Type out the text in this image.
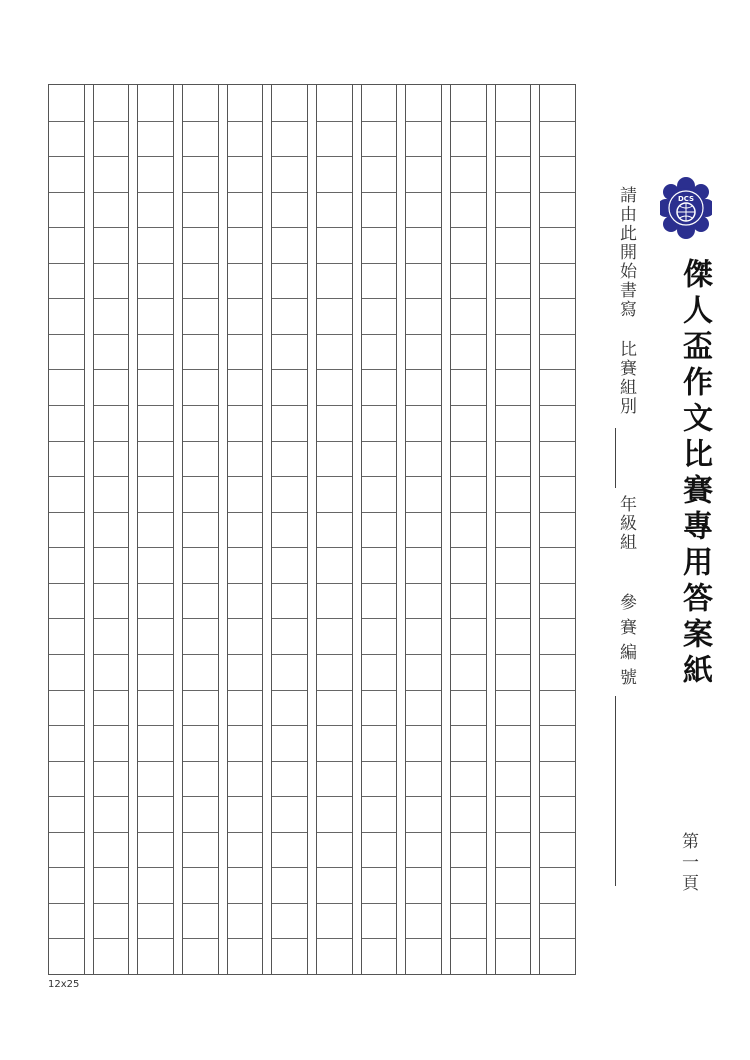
12x25
DCS
傑人盃作文比賽專用答案紙
請由此開始書寫
比賽組別
年級組
參賽編號
第一頁
